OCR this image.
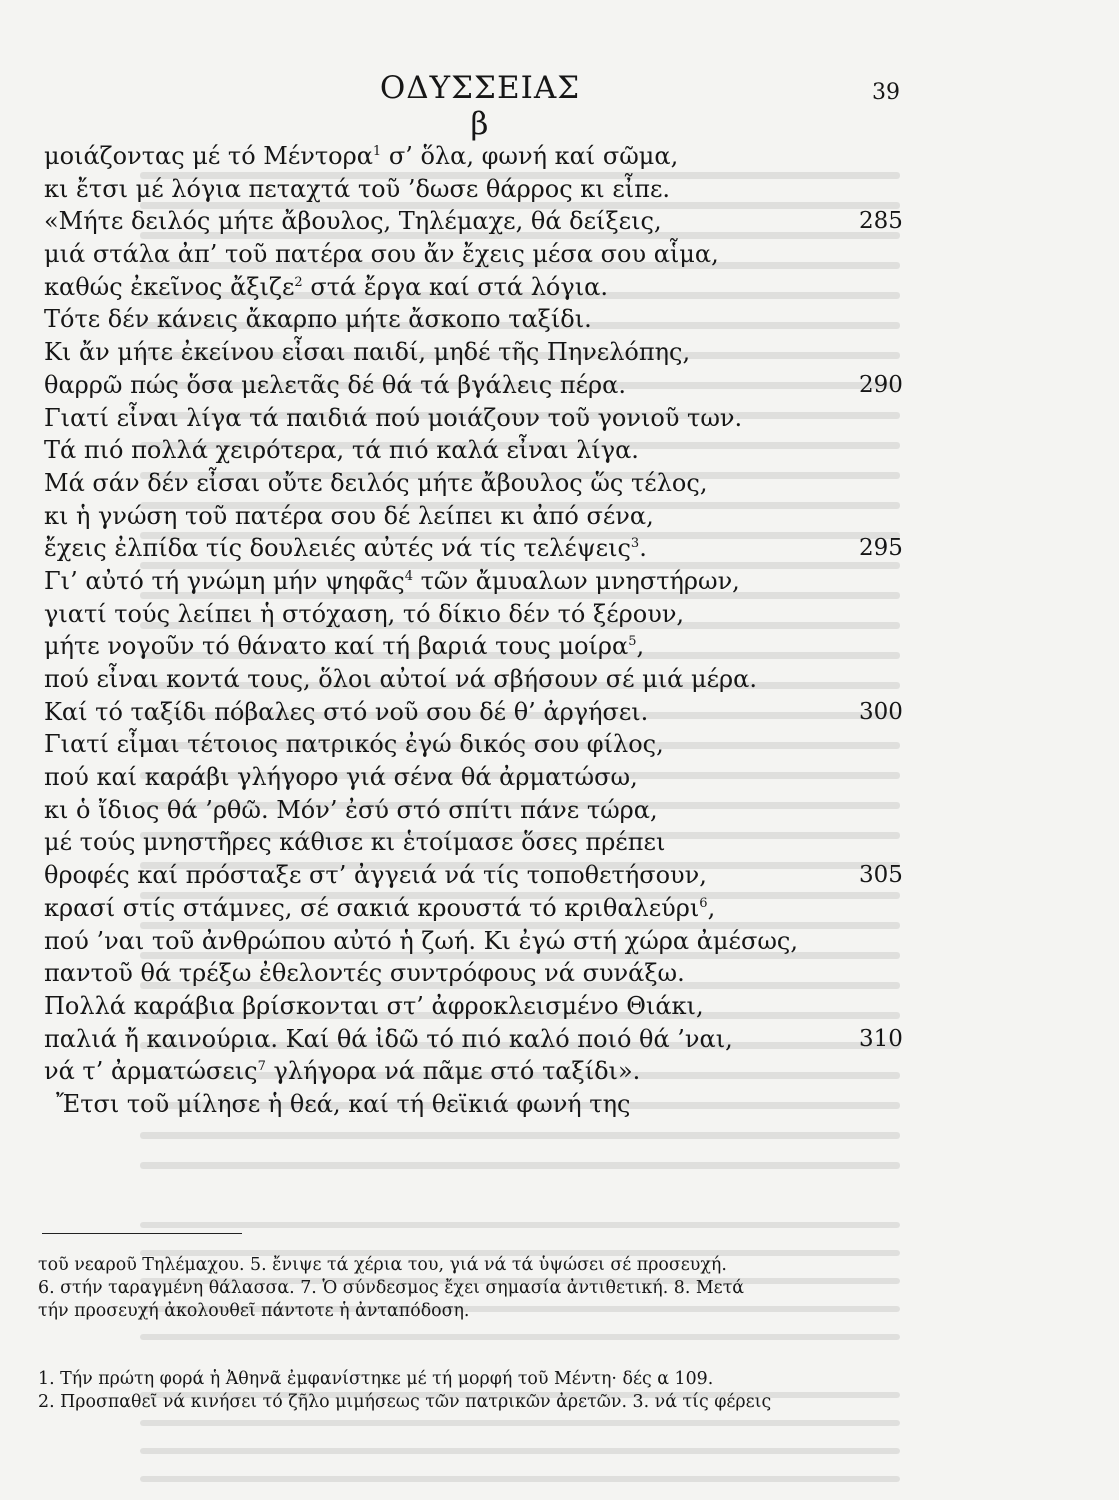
ΟΔΥΣΣΕΙΑΣ β
39
μοιάζοντας μέ τό Μέντορα$^1$ σ’ ὅλα, φωνή καί σῶμα,
κι ἔτσι μέ λόγια πεταχτά τοῦ ’δωσε θάρρος κι εἶπε.
«Μήτε δειλός μήτε ἄβουλος, Τηλέμαχε, θά δείξεις,	285
μιά στάλα ἀπ’ τοῦ πατέρα σου ἄν ἔχεις μέσα σου αἷμα,
καθώς ἐκεῖνος ἄξιζε$^2$ στά ἔργα καί στά λόγια.
Τότε δέν κάνεις ἄκαρπο μήτε ἄσκοπο ταξίδι.
Κι ἄν μήτε ἐκείνου εἶσαι παιδί, μηδέ τῆς Πηνελόπης,
θαρρῶ πώς ὅσα μελετᾶς δέ θά τά βγάλεις πέρα.	290
Γιατί εἶναι λίγα τά παιδιά πού μοιάζουν τοῦ γονιοῦ των.
Τά πιό πολλά χειρότερα, τά πιό καλά εἶναι λίγα.
Μά σάν δέν εἶσαι οὔτε δειλός μήτε ἄβουλος ὥς τέλος,
κι ἡ γνώση τοῦ πατέρα σου δέ λείπει κι ἀπό σένα,
ἔχεις ἐλπίδα τίς δουλειές αὐτές νά τίς τελέψεις$^3$.	295
Γι’ αὐτό τή γνώμη μήν ψηφᾶς$^4$ τῶν ἄμυαλων μνηστήρων,
γιατί τούς λείπει ἡ στόχαση, τό δίκιο δέν τό ξέρουν,
μήτε νογοῦν τό θάνατο καί τή βαριά τους μοίρα$^5$,
πού εἶναι κοντά τους, ὅλοι αὐτοί νά σβήσουν σέ μιά μέρα.
Καί τό ταξίδι πόβαλες στό νοῦ σου δέ θ’ ἀργήσει.	300
Γιατί εἶμαι τέτοιος πατρικός ἐγώ δικός σου φίλος,
πού καί καράβι γλήγορο γιά σένα θά ἀρματώσω,
κι ὁ ἴδιος θά ’ρθῶ. Μόν’ ἐσύ στό σπίτι πάνε τώρα,
μέ τούς μνηστῆρες κάθισε κι ἑτοίμασε ὅσες πρέπει
θροφές καί πρόσταξε στ’ ἀγγειά νά τίς τοποθετήσουν,	305
κρασί στίς στάμνες, σέ σακιά κρουστά τό κριθαλεύρι$^6$,
πού ’ναι τοῦ ἀνθρώπου αὐτό ἡ ζωή. Κι ἐγώ στή χώρα ἀμέσως,
παντοῦ θά τρέξω ἐθελοντές συντρόφους νά συνάξω.
Πολλά καράβια βρίσκονται στ’ ἀφροκλεισμένο Θιάκι,
παλιά ἤ καινούρια. Καί θά ἰδῶ τό πιό καλό ποιό θά ’ναι,	310
νά τ’ ἀρματώσεις$^7$ γλήγορα νά πᾶμε στό ταξίδι».
Ἔτσι τοῦ μίλησε ἡ θεά, καί τή θεϊκιά φωνή της
τοῦ νεαροῦ Τηλέμαχου. 5. ἔνιψε τά χέρια του, γιά νά τά ὑψώσει σέ προσευχή.
6. στήν ταραγμένη θάλασσα. 7. Ὁ σύνδεσμος ἔχει σημασία ἀντιθετική. 8. Μετά
τήν προσευχή ἀκολουθεῖ πάντοτε ἡ ἀνταπόδοση.
1. Τήν πρώτη φορά ἡ Ἀθηνᾶ ἐμφανίστηκε μέ τή μορφή τοῦ Μέντη· δές α 109.
2. Προσπαθεῖ νά κινήσει τό ζῆλο μιμήσεως τῶν πατρικῶν ἀρετῶν. 3. νά τίς φέρεις
